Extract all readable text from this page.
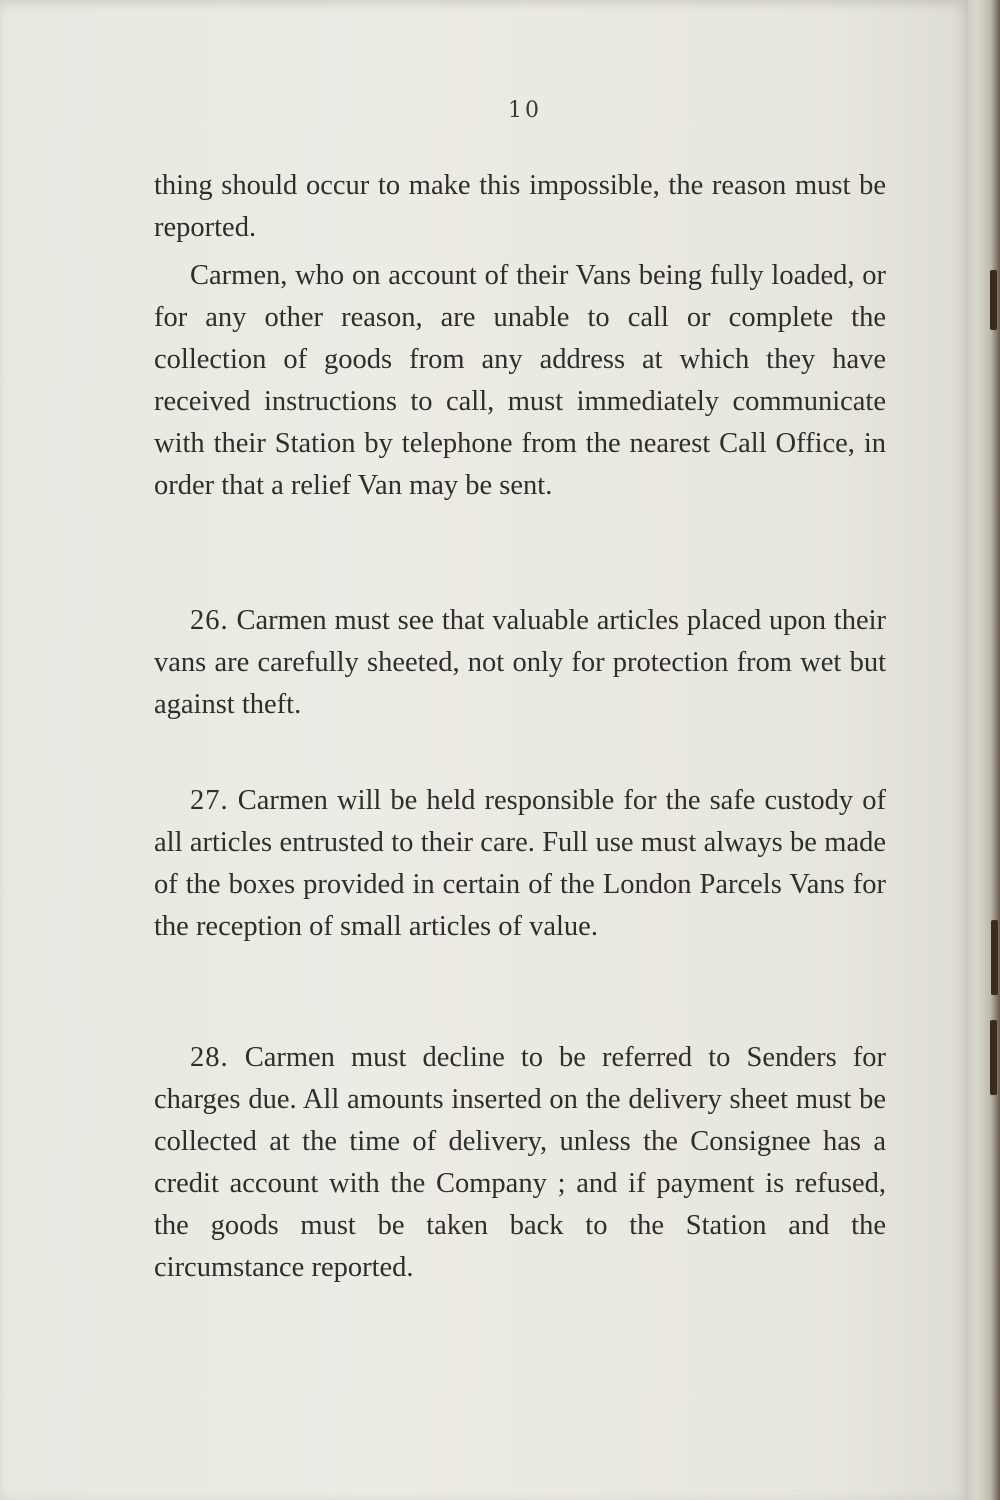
10

thing should occur to make this impossible, the reason must be reported.

Carmen, who on account of their Vans being fully loaded, or for any other reason, are unable to call or complete the collection of goods from any address at which they have received instructions to call, must immediately communicate with their Station by telephone from the nearest Call Office, in order that a relief Van may be sent.

26. Carmen must see that valuable articles placed upon their vans are carefully sheeted, not only for protection from wet but against theft.

27. Carmen will be held responsible for the safe custody of all articles entrusted to their care. Full use must always be made of the boxes provided in certain of the London Parcels Vans for the reception of small articles of value.

28. Carmen must decline to be referred to Senders for charges due. All amounts inserted on the delivery sheet must be collected at the time of delivery, unless the Consignee has a credit account with the Company ; and if payment is refused, the goods must be taken back to the Station and the circumstance reported.
